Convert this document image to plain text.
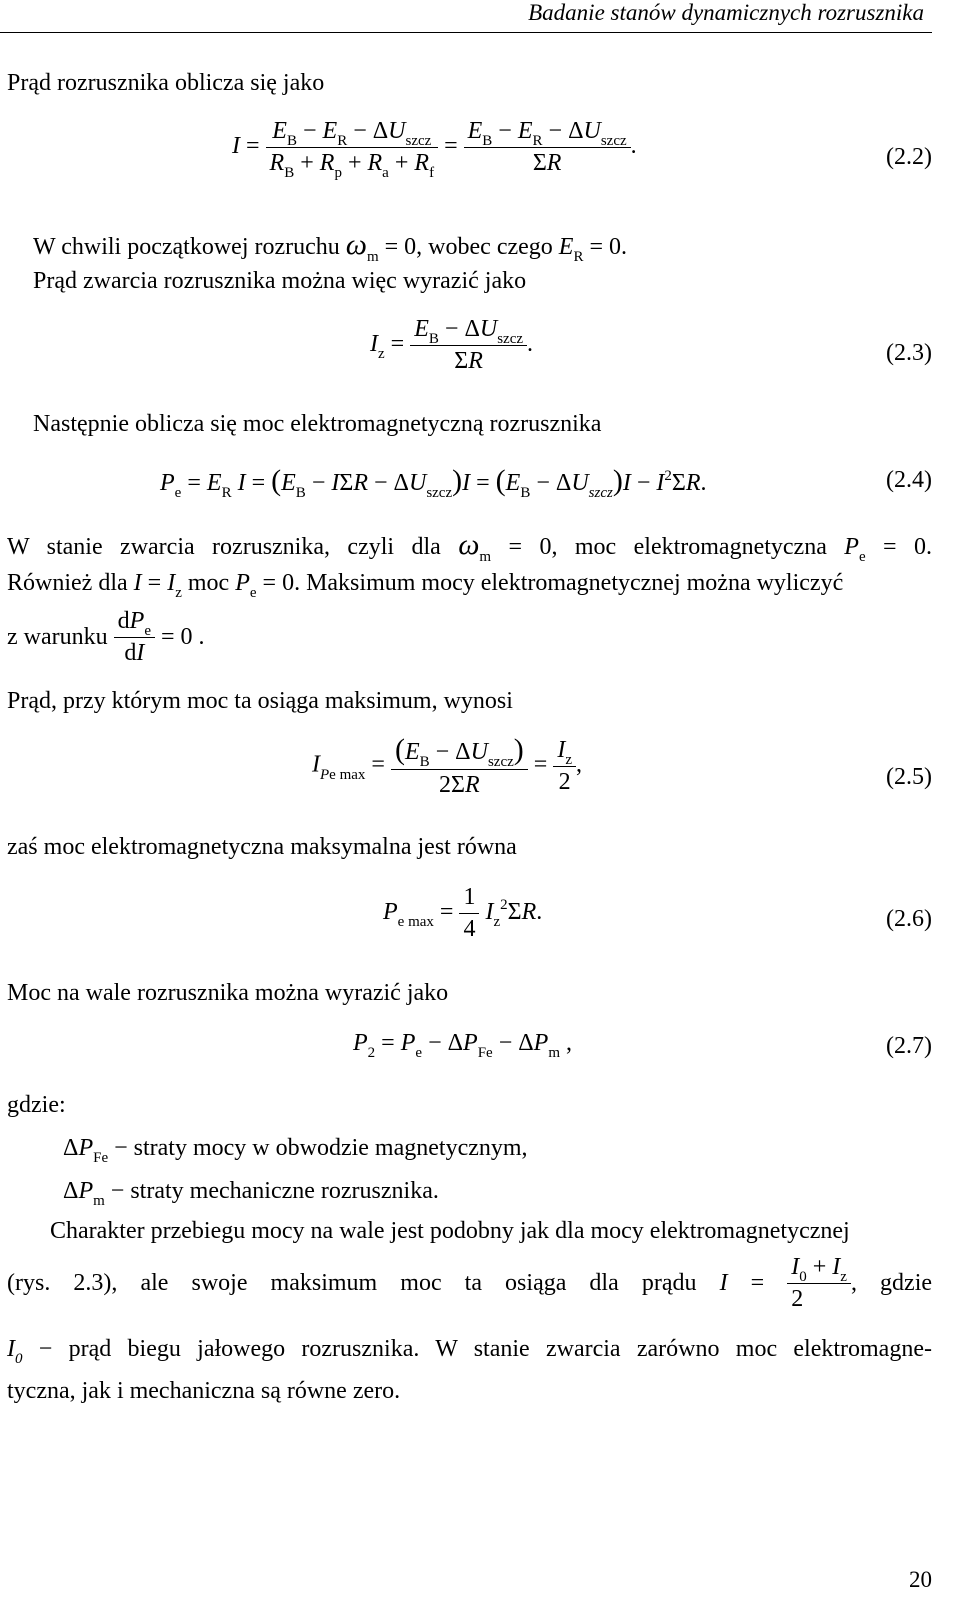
Badanie stanów dynamicznych rozrusznika
Prąd rozrusznika oblicza się jako
$I = \frac{E_B - E_R - \Delta U_{szcz}}{R_B + R_p + R_a + R_f} = \frac{E_B - E_R - \Delta U_{szcz}}{\Sigma R}$ .	(2.2)
W chwili początkowej rozruchu $\omega_m = 0$, wobec czego $E_R = 0$.
Prąd zwarcia rozrusznika można więc wyrazić jako
$I_z = \frac{E_B - \Delta U_{szcz}}{\Sigma R}$ .	(2.3)
Następnie oblicza się moc elektromagnetyczną rozrusznika
$P_e = E_R$ $I = (E_B - I\Sigma R - \Delta U_{szcz})I = (E_B - \Delta U_{szcz})I - I^2\Sigma R$.	(2.4)
W stanie zwarcia rozrusznika, czyli dla $\omega_m = 0$, moc elektromagnetyczna $P_e = 0$.
Również dla $I = I_z$ moc $P_e = 0$. Maksimum mocy elektromagnetycznej można wyliczyć
z warunku $\frac{dP_e}{dI} = 0$ .
Prąd, przy którym moc ta osiąga maksimum, wynosi
$I_{Pe max} = \frac{(E_B - \Delta U_{szcz})}{2\Sigma R} = \frac{I_z}{2}$ ,	(2.5)
zaś moc elektromagnetyczna maksymalna jest równa
$P_{e max} = \frac{1}{4} I_z^2\Sigma R$.	(2.6)
Moc na wale rozrusznika można wyrazić jako
$P_2 = P_e - \Delta P_{Fe} - \Delta P_m$ ,	(2.7)
gdzie:
$\Delta P_{Fe}$ − straty mocy w obwodzie magnetycznym,
$\Delta P_m$ − straty mechaniczne rozrusznika.
Charakter przebiegu mocy na wale jest podobny jak dla mocy elektromagnetycznej
(rys. 2.3), ale swoje maksimum moc ta osiąga dla prądu $I = \frac{I_0 + I_z}{2}$ , gdzie
$I_0$ − prąd biegu jałowego rozrusznika. W stanie zwarcia zarówno moc elektromagne-
tyczna, jak i mechaniczna są równe zero.
20
